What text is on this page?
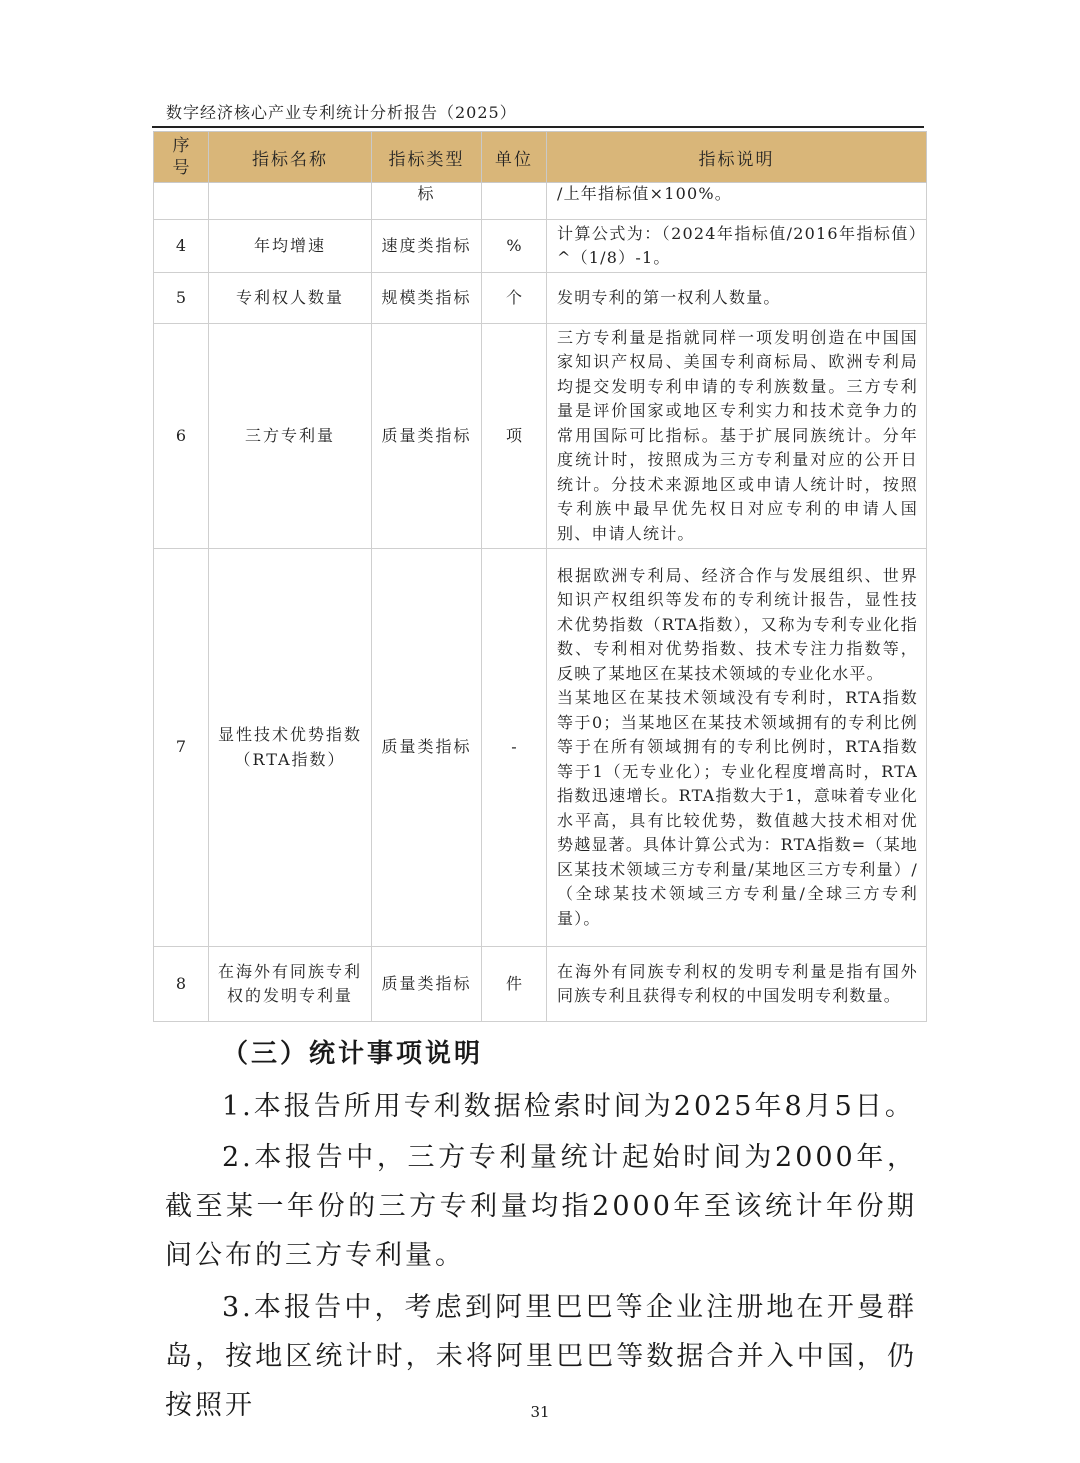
数字经济核心产业专利统计分析报告（2025）
序号	指标名称	指标类型	单位	指标说明
		标		/上年指标值×100%。
4	年均增速	速度类指标	%	计算公式为：（2024年指标值/2016年指标值）^（1/8）-1。

5	专利权人数量	规模类指标	个	发明专利的第一权利人数量。

6	三方专利量	质量类指标	项	三方专利量是指就同样一项发明创造在中国国家知识产权局、美国专利商标局、欧洲专利局均提交发明专利申请的专利族数量。三方专利量是评价国家或地区专利实力和技术竞争力的常用国际可比指标。基于扩展同族统计。分年度统计时，按照成为三方专利量对应的公开日统计。分技术来源地区或申请人统计时，按照专利族中最早优先权日对应专利的申请人国别、申请人统计。

7	显性技术优势指数（RTA指数）	质量类指标	-	根据欧洲专利局、经济合作与发展组织、世界知识产权组织等发布的专利统计报告，显性技术优势指数（RTA指数），又称为专利专业化指数、专利相对优势指数、技术专注力指数等，反映了某地区在某技术领域的专业化水平。
当某地区在某技术领域没有专利时，RTA指数等于0；当某地区在某技术领域拥有的专利比例等于在所有领域拥有的专利比例时，RTA指数等于1（无专业化）；专业化程度增高时，RTA指数迅速增长。RTA指数大于1，意味着专业化水平高，具有比较优势，数值越大技术相对优势越显著。具体计算公式为：RTA指数=（某地区某技术领域三方专利量/某地区三方专利量）/（全球某技术领域三方专利量/全球三方专利量）。

8	在海外有同族专利权的发明专利量	质量类指标	件	在海外有同族专利权的发明专利量是指有国外同族专利且获得专利权的中国发明专利数量。
（三）统计事项说明
1.本报告所用专利数据检索时间为2025年8月5日。
2.本报告中，三方专利量统计起始时间为2000年，截至某一年份的三方专利量均指2000年至该统计年份期间公布的三方专利量。
3.本报告中，考虑到阿里巴巴等企业注册地在开曼群岛，按地区统计时，未将阿里巴巴等数据合并入中国，仍按照开	31
